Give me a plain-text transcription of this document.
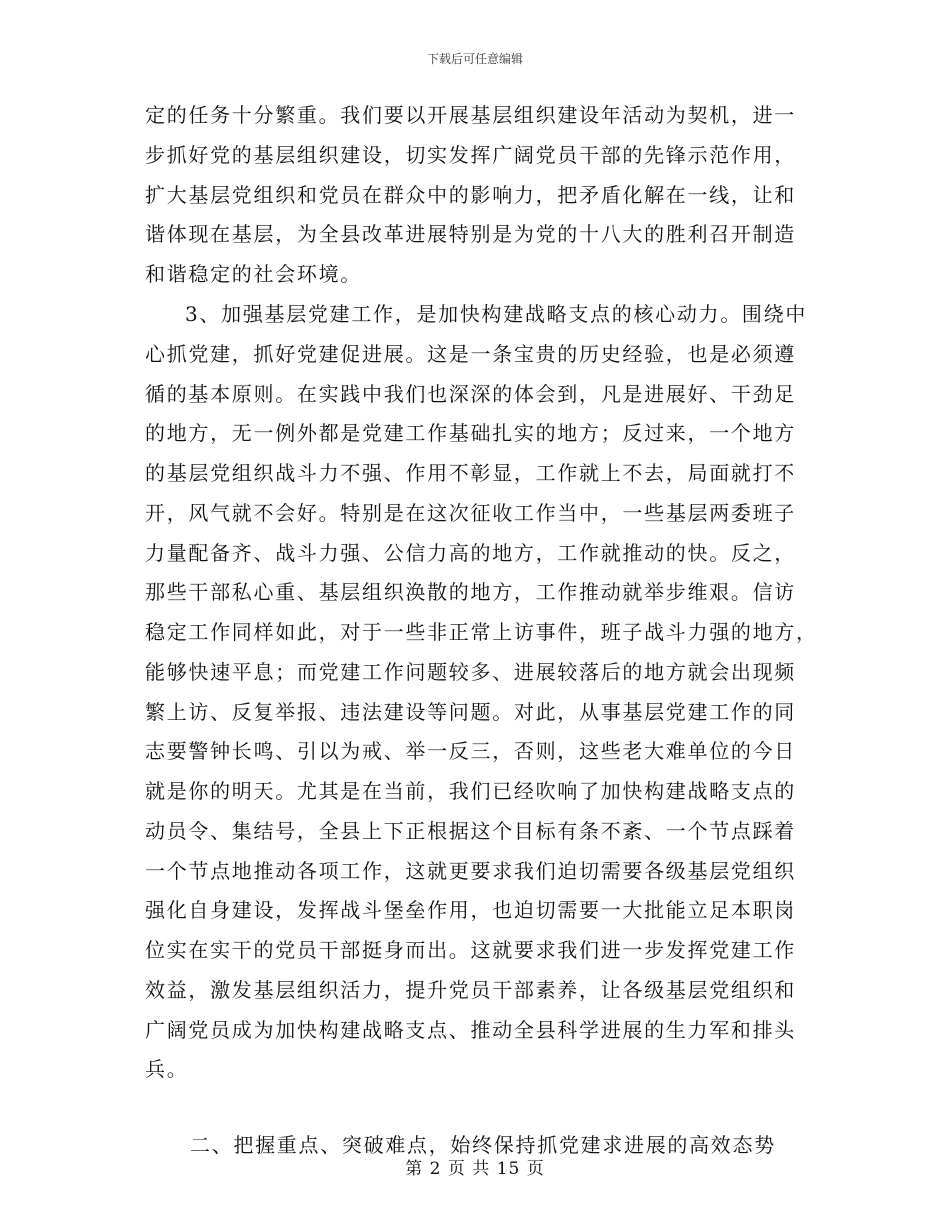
下载后可任意编辑
定的任务十分繁重。我们要以开展基层组织建设年活动为契机，进一
步抓好党的基层组织建设，切实发挥广阔党员干部的先锋示范作用，
扩大基层党组织和党员在群众中的影响力，把矛盾化解在一线，让和
谐体现在基层，为全县改革进展特别是为党的十八大的胜利召开制造
和谐稳定的社会环境。
3、加强基层党建工作，是加快构建战略支点的核心动力。围绕中
心抓党建，抓好党建促进展。这是一条宝贵的历史经验，也是必须遵
循的基本原则。在实践中我们也深深的体会到，凡是进展好、干劲足
的地方，无一例外都是党建工作基础扎实的地方；反过来，一个地方
的基层党组织战斗力不强、作用不彰显，工作就上不去，局面就打不
开，风气就不会好。特别是在这次征收工作当中，一些基层两委班子
力量配备齐、战斗力强、公信力高的地方，工作就推动的快。反之，
那些干部私心重、基层组织涣散的地方，工作推动就举步维艰。信访
稳定工作同样如此，对于一些非正常上访事件，班子战斗力强的地方，
能够快速平息；而党建工作问题较多、进展较落后的地方就会出现频
繁上访、反复举报、违法建设等问题。对此，从事基层党建工作的同
志要警钟长鸣、引以为戒、举一反三，否则，这些老大难单位的今日
就是你的明天。尤其是在当前，我们已经吹响了加快构建战略支点的
动员令、集结号，全县上下正根据这个目标有条不紊、一个节点踩着
一个节点地推动各项工作，这就更要求我们迫切需要各级基层党组织
强化自身建设，发挥战斗堡垒作用，也迫切需要一大批能立足本职岗
位实在实干的党员干部挺身而出。这就要求我们进一步发挥党建工作
效益，激发基层组织活力，提升党员干部素养，让各级基层党组织和
广阔党员成为加快构建战略支点、推动全县科学进展的生力军和排头
兵。
二、把握重点、突破难点，始终保持抓党建求进展的高效态势
第 2 页 共 15 页
